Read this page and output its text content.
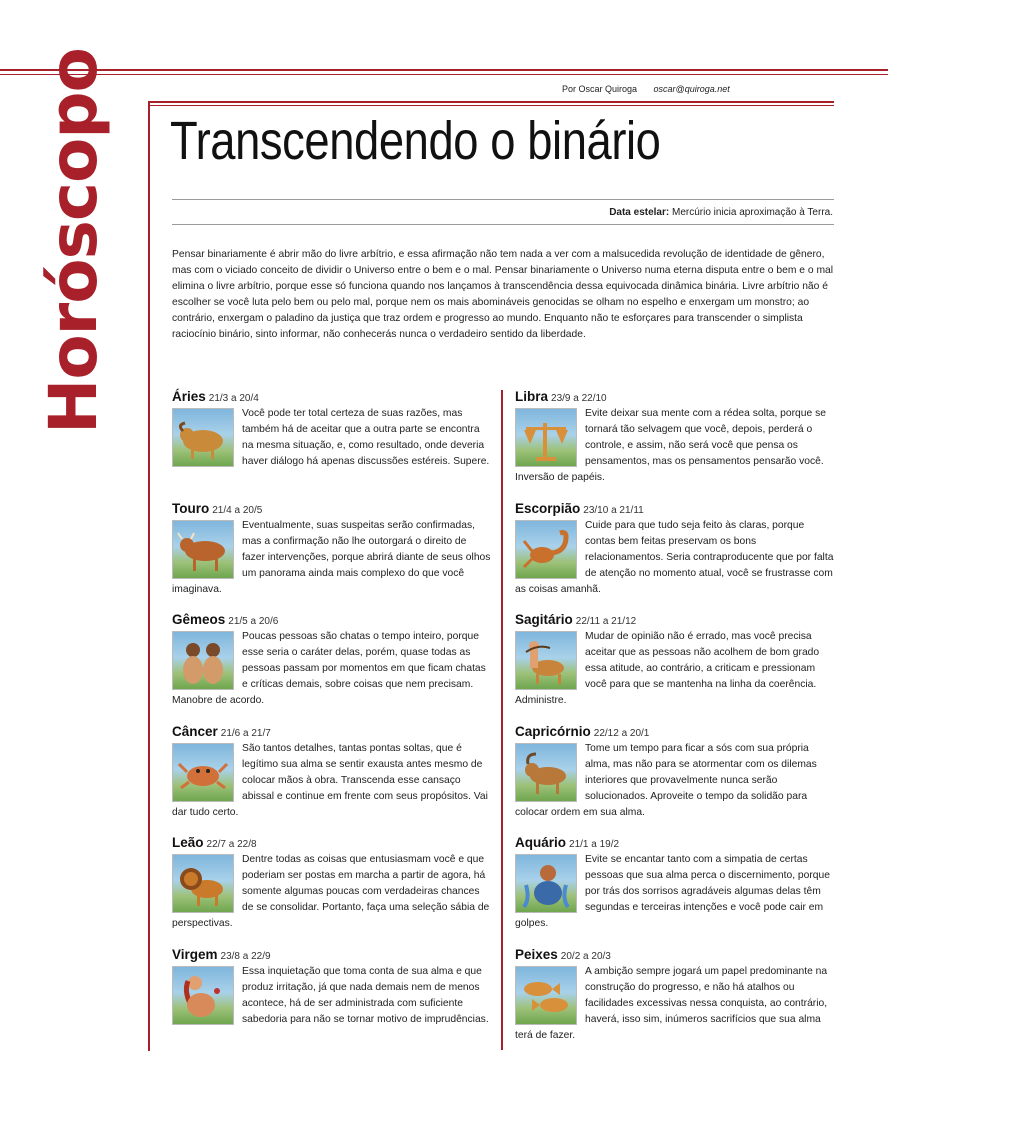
Horóscopo	Por Oscar Quiroga oscar@quiroga.net
Transcendendo o binário
Data estelar: Mercúrio inicia aproximação à Terra.

Pensar binariamente é abrir mão do livre arbítrio, e essa afirmação não tem nada a ver com a malsucedida revolução de identidade de gênero, mas com o viciado conceito de dividir o Universo entre o bem e o mal. Pensar binariamente o Universo numa eterna disputa entre o bem e o mal elimina o livre arbítrio, porque esse só funciona quando nos lançamos à transcendência dessa equivocada dinâmica binária. Livre arbítrio não é escolher se você luta pelo bem ou pelo mal, porque nem os mais abomináveis genocidas se olham no espelho e enxergam um monstro; ao contrário, enxergam o paladino da justiça que traz ordem e progresso ao mundo. Enquanto não te esforçares para transcender o simplista raciocínio binário, sinto informar, não conhecerás nunca o verdadeiro sentido da liberdade.

Áries 21/3 a 20/4
Você pode ter total certeza de suas razões, mas também há de aceitar que a outra parte se encontra na mesma situação, e, como resultado, onde deveria haver diálogo há apenas discussões estéreis. Supere.
Touro 21/4 a 20/5
Eventualmente, suas suspeitas serão confirmadas, mas a confirmação não lhe outorgará o direito de fazer intervenções, porque abrirá diante de seus olhos um panorama ainda mais complexo do que você imaginava.
Gêmeos 21/5 a 20/6
Poucas pessoas são chatas o tempo inteiro, porque esse seria o caráter delas, porém, quase todas as pessoas passam por momentos em que ficam chatas e críticas demais, sobre coisas que nem precisam. Manobre de acordo.
Câncer 21/6 a 21/7
São tantos detalhes, tantas pontas soltas, que é legítimo sua alma se sentir exausta antes mesmo de colocar mãos à obra. Transcenda esse cansaço abissal e continue em frente com seus propósitos. Vai dar tudo certo.
Leão 22/7 a 22/8
Dentre todas as coisas que entusiasmam você e que poderiam ser postas em marcha a partir de agora, há somente algumas poucas com verdadeiras chances de se consolidar. Portanto, faça uma seleção sábia de perspectivas.
Virgem 23/8 a 22/9
Essa inquietação que toma conta de sua alma e que produz irritação, já que nada demais nem de menos acontece, há de ser administrada com suficiente sabedoria para não se tornar motivo de imprudências.
Libra 23/9 a 22/10
Evite deixar sua mente com a rédea solta, porque se tornará tão selvagem que você, depois, perderá o controle, e assim, não será você que pensa os pensamentos, mas os pensamentos pensarão você. Inversão de papéis.
Escorpião 23/10 a 21/11
Cuide para que tudo seja feito às claras, porque contas bem feitas preservam os bons relacionamentos. Seria contraproducente que por falta de atenção no momento atual, você se frustrasse com as coisas amanhã.
Sagitário 22/11 a 21/12
Mudar de opinião não é errado, mas você precisa aceitar que as pessoas não acolhem de bom grado essa atitude, ao contrário, a criticam e pressionam você para que se mantenha na linha da coerência. Administre.
Capricórnio 22/12 a 20/1
Tome um tempo para ficar a sós com sua própria alma, mas não para se atormentar com os dilemas interiores que provavelmente nunca serão solucionados. Aproveite o tempo da solidão para colocar ordem em sua alma.
Aquário 21/1 a 19/2
Evite se encantar tanto com a simpatia de certas pessoas que sua alma perca o discernimento, porque por trás dos sorrisos agradáveis algumas delas têm segundas e terceiras intenções e você pode cair em golpes.
Peixes 20/2 a 20/3
A ambição sempre jogará um papel predominante na construção do progresso, e não há atalhos ou facilidades excessivas nessa conquista, ao contrário, haverá, isso sim, inúmeros sacrifícios que sua alma terá de fazer.
